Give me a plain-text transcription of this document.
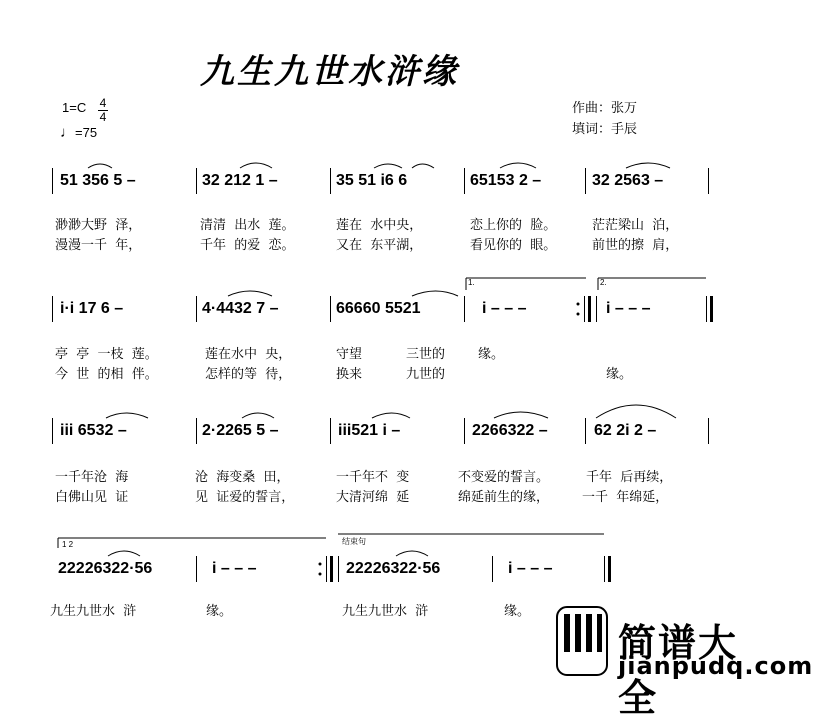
九生九世水浒缘
1=C 4
4
♩=75
作曲：张万
填词：手辰
51 356 5 –	32 212 1 –	35 51 i6 6	65153 2 –	32 2563 –
渺渺大野  泽，	清清  出水  莲。	莲在  水中央，	恋上你的  脸。	茫茫梁山  泊，
漫漫一千  年，	千年  的爱  恋。	又在  东平湖，	看见你的  眼。	前世的擦  肩，
i·i 17 6 –	4·4432 7 –	66660 5521	i – – –	i – – –
1.	2.
亭  亭  一枝  莲。	莲在水中  央，	守望	三世的	缘。
今  世  的相  伴。	怎样的等  待，	换来	九世的	缘。
iii 6532 –	2·2265 5 –	iii521 i –	2266322 –	62 2i 2 –
一千年沧  海	沧  海变桑  田，	一千年不  变	不变爱的誓言。	千年  后再续，
白佛山见  证	见  证爱的誓言，	大清河绵  延	绵延前生的缘，	一千  年绵延，
1 2	结束句
22226322·56	i – – –	22226322·56	i – – –
九生九世水  浒	缘。	九生九世水  浒	缘。
简谱大全
jianpudq.com
